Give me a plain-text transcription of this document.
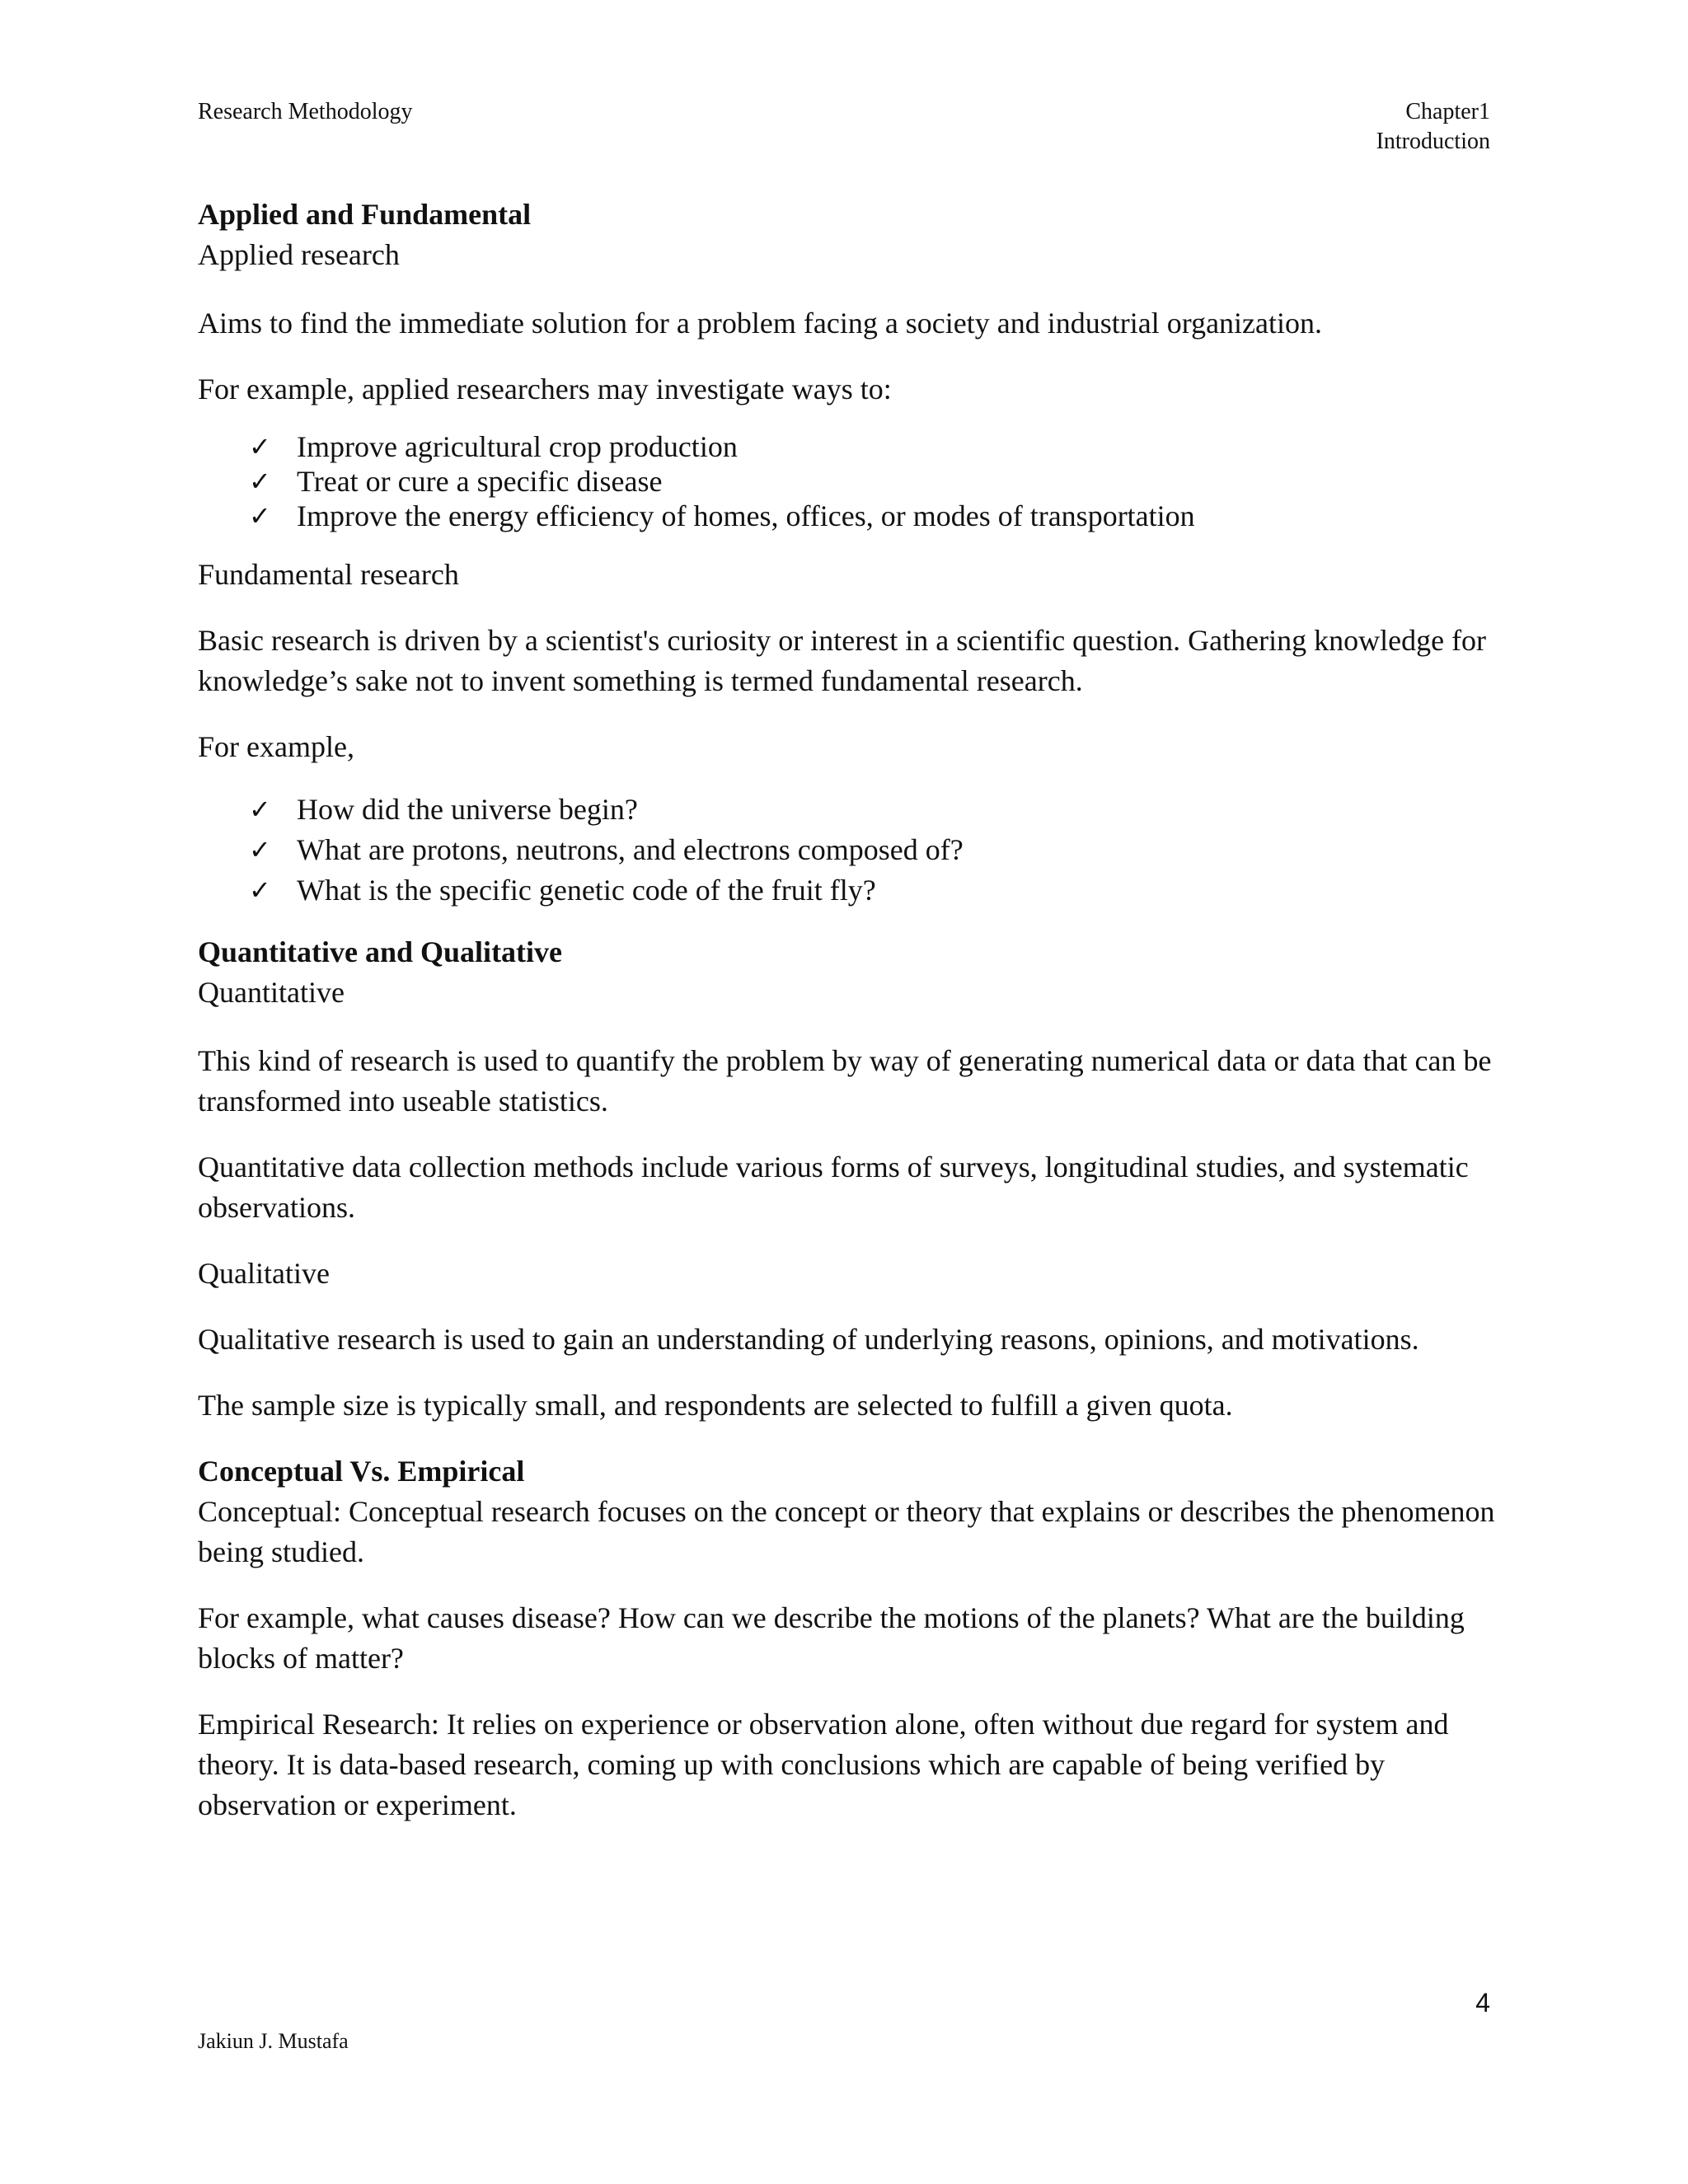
Research Methodology	Chapter1
Introduction

Applied and Fundamental

Applied research

Aims to find the immediate solution for a problem facing a society and industrial organization.

For example, applied researchers may investigate ways to:

✓ Improve agricultural crop production
✓ Treat or cure a specific disease
✓ Improve the energy efficiency of homes, offices, or modes of transportation

Fundamental research

Basic research is driven by a scientist's curiosity or interest in a scientific question. Gathering knowledge for knowledge’s sake not to invent something is termed fundamental research.

For example,

✓ How did the universe begin?
✓ What are protons, neutrons, and electrons composed of?
✓ What is the specific genetic code of the fruit fly?

Quantitative and Qualitative

Quantitative

This kind of research is used to quantify the problem by way of generating numerical data or data that can be transformed into useable statistics.

Quantitative data collection methods include various forms of surveys, longitudinal studies, and systematic observations.

Qualitative

Qualitative research is used to gain an understanding of underlying reasons, opinions, and motivations.

The sample size is typically small, and respondents are selected to fulfill a given quota.

Conceptual Vs. Empirical

Conceptual: Conceptual research focuses on the concept or theory that explains or describes the phenomenon being studied.

For example, what causes disease? How can we describe the motions of the planets? What are the building blocks of matter?

Empirical Research: It relies on experience or observation alone, often without due regard for system and theory. It is data-based research, coming up with conclusions which are capable of being verified by observation or experiment.

4
Jakiun J. Mustafa
